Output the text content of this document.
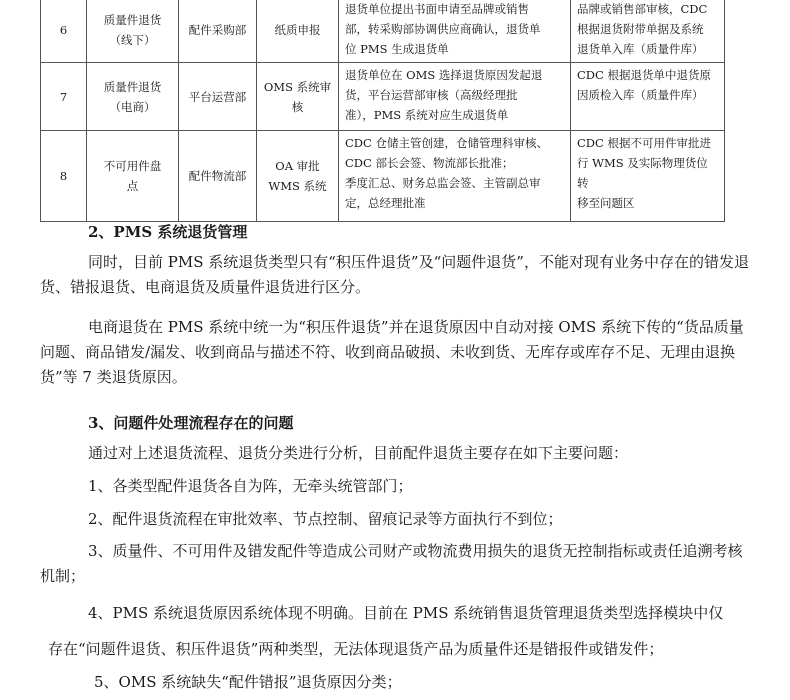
6	质量件退货
（线下）	配件采购部	纸质申报	退货单位提出书面申请至品牌或销售
部，转采购部协调供应商确认，退货单
位 PMS 生成退货单	品牌或销售部审核，CDC
根据退货附带单据及系统
退货单入库（质量件库）
7	质量件退货
（电商）	平台运营部	OMS 系统审核	退货单位在 OMS 选择退货原因发起退
货，平台运营部审核（高级经理批
准），PMS 系统对应生成退货单	CDC 根据退货单中退货原
因质检入库（质量件库）
8	不可用件盘
点	配件物流部	OA 审批
WMS 系统	CDC 仓储主管创建，仓储管理科审核、
CDC 部长会签、物流部长批准；
季度汇总、财务总监会签、主管副总审
定，总经理批准	CDC 根据不可用件审批进
行 WMS 及实际物理货位转
移至问题区

2、PMS 系统退货管理

同时，目前 PMS 系统退货类型只有“积压件退货”及“问题件退货”，不能对现有业务中存在的错发退货、错报退货、电商退货及质量件退货进行区分。

电商退货在 PMS 系统中统一为“积压件退货”并在退货原因中自动对接 OMS 系统下传的“货品质量问题、商品错发/漏发、收到商品与描述不符、收到商品破损、未收到货、无库存或库存不足、无理由退换货”等 7 类退货原因。

3、问题件处理流程存在的问题

通过对上述退货流程、退货分类进行分析，目前配件退货主要存在如下主要问题：

1、各类型配件退货各自为阵，无牵头统管部门；

2、配件退货流程在审批效率、节点控制、留痕记录等方面执行不到位；

3、质量件、不可用件及错发配件等造成公司财产或物流费用损失的退货无控制指标或责任追溯考核机制；

4、PMS 系统退货原因系统体现不明确。目前在 PMS 系统销售退货管理退货类型选择模块中仅

存在“问题件退货、积压件退货”两种类型，无法体现退货产品为质量件还是错报件或错发件；

5、OMS 系统缺失“配件错报”退货原因分类；
